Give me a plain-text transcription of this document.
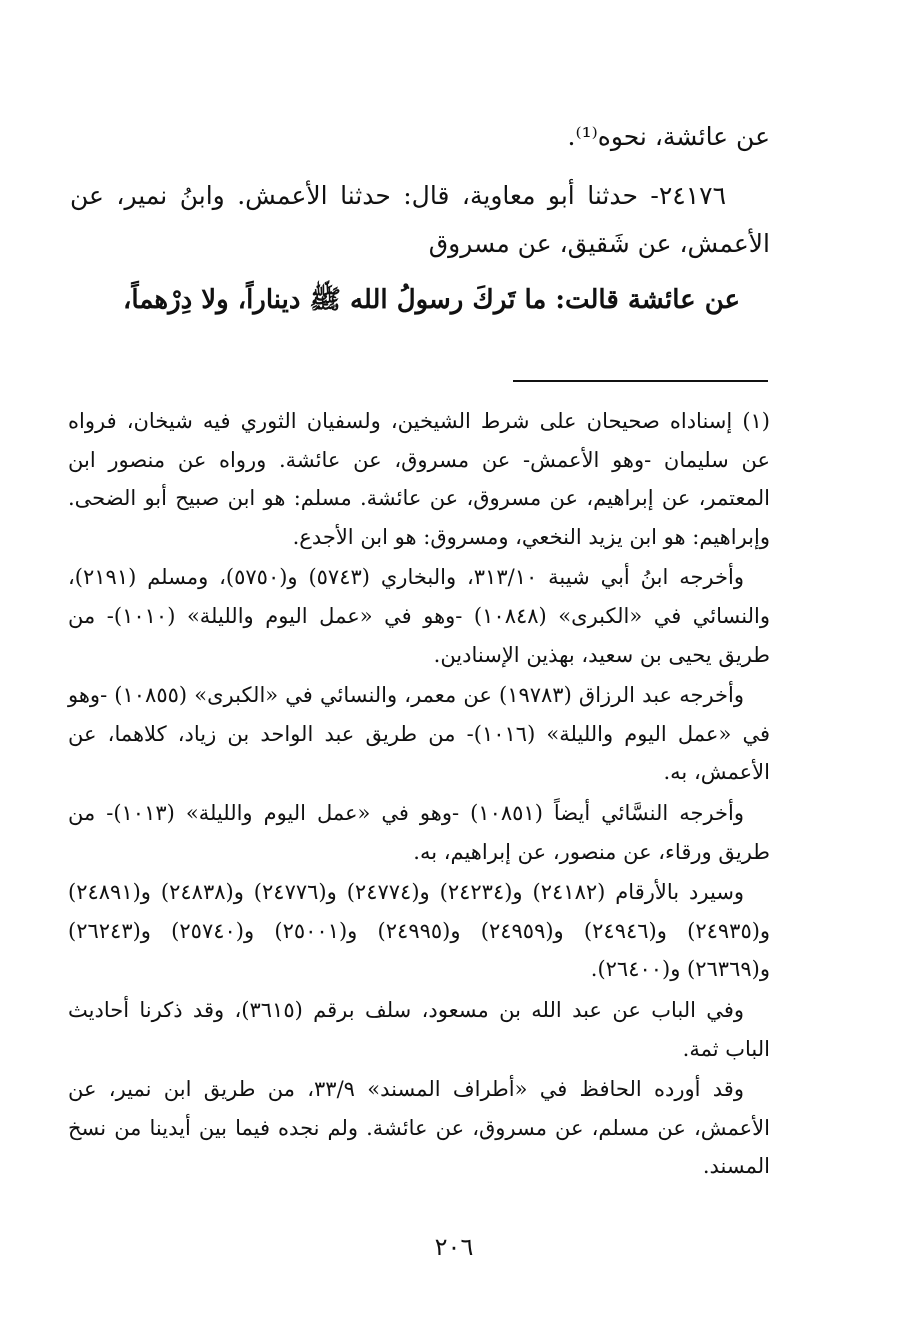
عن عائشة، نحوه⁽¹⁾.

٢٤١٧٦- حدثنا أبو معاوية، قال: حدثنا الأعمش. وابنُ نمير، عن الأعمش، عن شَقيق، عن مسروق

عن عائشة قالت: ما تَركَ رسولُ الله ﷺ ديناراً، ولا دِرْهماً،

(١) إسناداه صحيحان على شرط الشيخين، ولسفيان الثوري فيه شيخان، فرواه عن سليمان -وهو الأعمش- عن مسروق، عن عائشة. ورواه عن منصور ابن المعتمر، عن إبراهيم، عن مسروق، عن عائشة. مسلم: هو ابن صبيح أبو الضحى. وإبراهيم: هو ابن يزيد النخعي، ومسروق: هو ابن الأجدع.

وأخرجه ابنُ أبي شيبة ٣١٣/١٠، والبخاري (٥٧٤٣) و(٥٧٥٠)، ومسلم (٢١٩١)، والنسائي في «الكبرى» (١٠٨٤٨) -وهو في «عمل اليوم والليلة» (١٠١٠)- من طريق يحيى بن سعيد، بهذين الإسنادين.

وأخرجه عبد الرزاق (١٩٧٨٣) عن معمر، والنسائي في «الكبرى» (١٠٨٥٥) -وهو في «عمل اليوم والليلة» (١٠١٦)- من طريق عبد الواحد بن زياد، كلاهما، عن الأعمش، به.

وأخرجه النسَّائي أيضاً (١٠٨٥١) -وهو في «عمل اليوم والليلة» (١٠١٣)- من طريق ورقاء، عن منصور، عن إبراهيم، به.

وسيرد بالأرقام (٢٤١٨٢) و(٢٤٢٣٤) و(٢٤٧٧٤) و(٢٤٧٧٦) و(٢٤٨٣٨) و(٢٤٨٩١) و(٢٤٩٣٥) و(٢٤٩٤٦) و(٢٤٩٥٩) و(٢٤٩٩٥) و(٢٥٠٠١) و(٢٥٧٤٠) و(٢٦٢٤٣) و(٢٦٣٦٩) و(٢٦٤٠٠).

وفي الباب عن عبد الله بن مسعود، سلف برقم (٣٦١٥)، وقد ذكرنا أحاديث الباب ثمة.

وقد أورده الحافظ في «أطراف المسند» ٣٣/٩، من طريق ابن نمير، عن الأعمش، عن مسلم، عن مسروق، عن عائشة. ولم نجده فيما بين أيدينا من نسخ المسند.

٢٠٦
